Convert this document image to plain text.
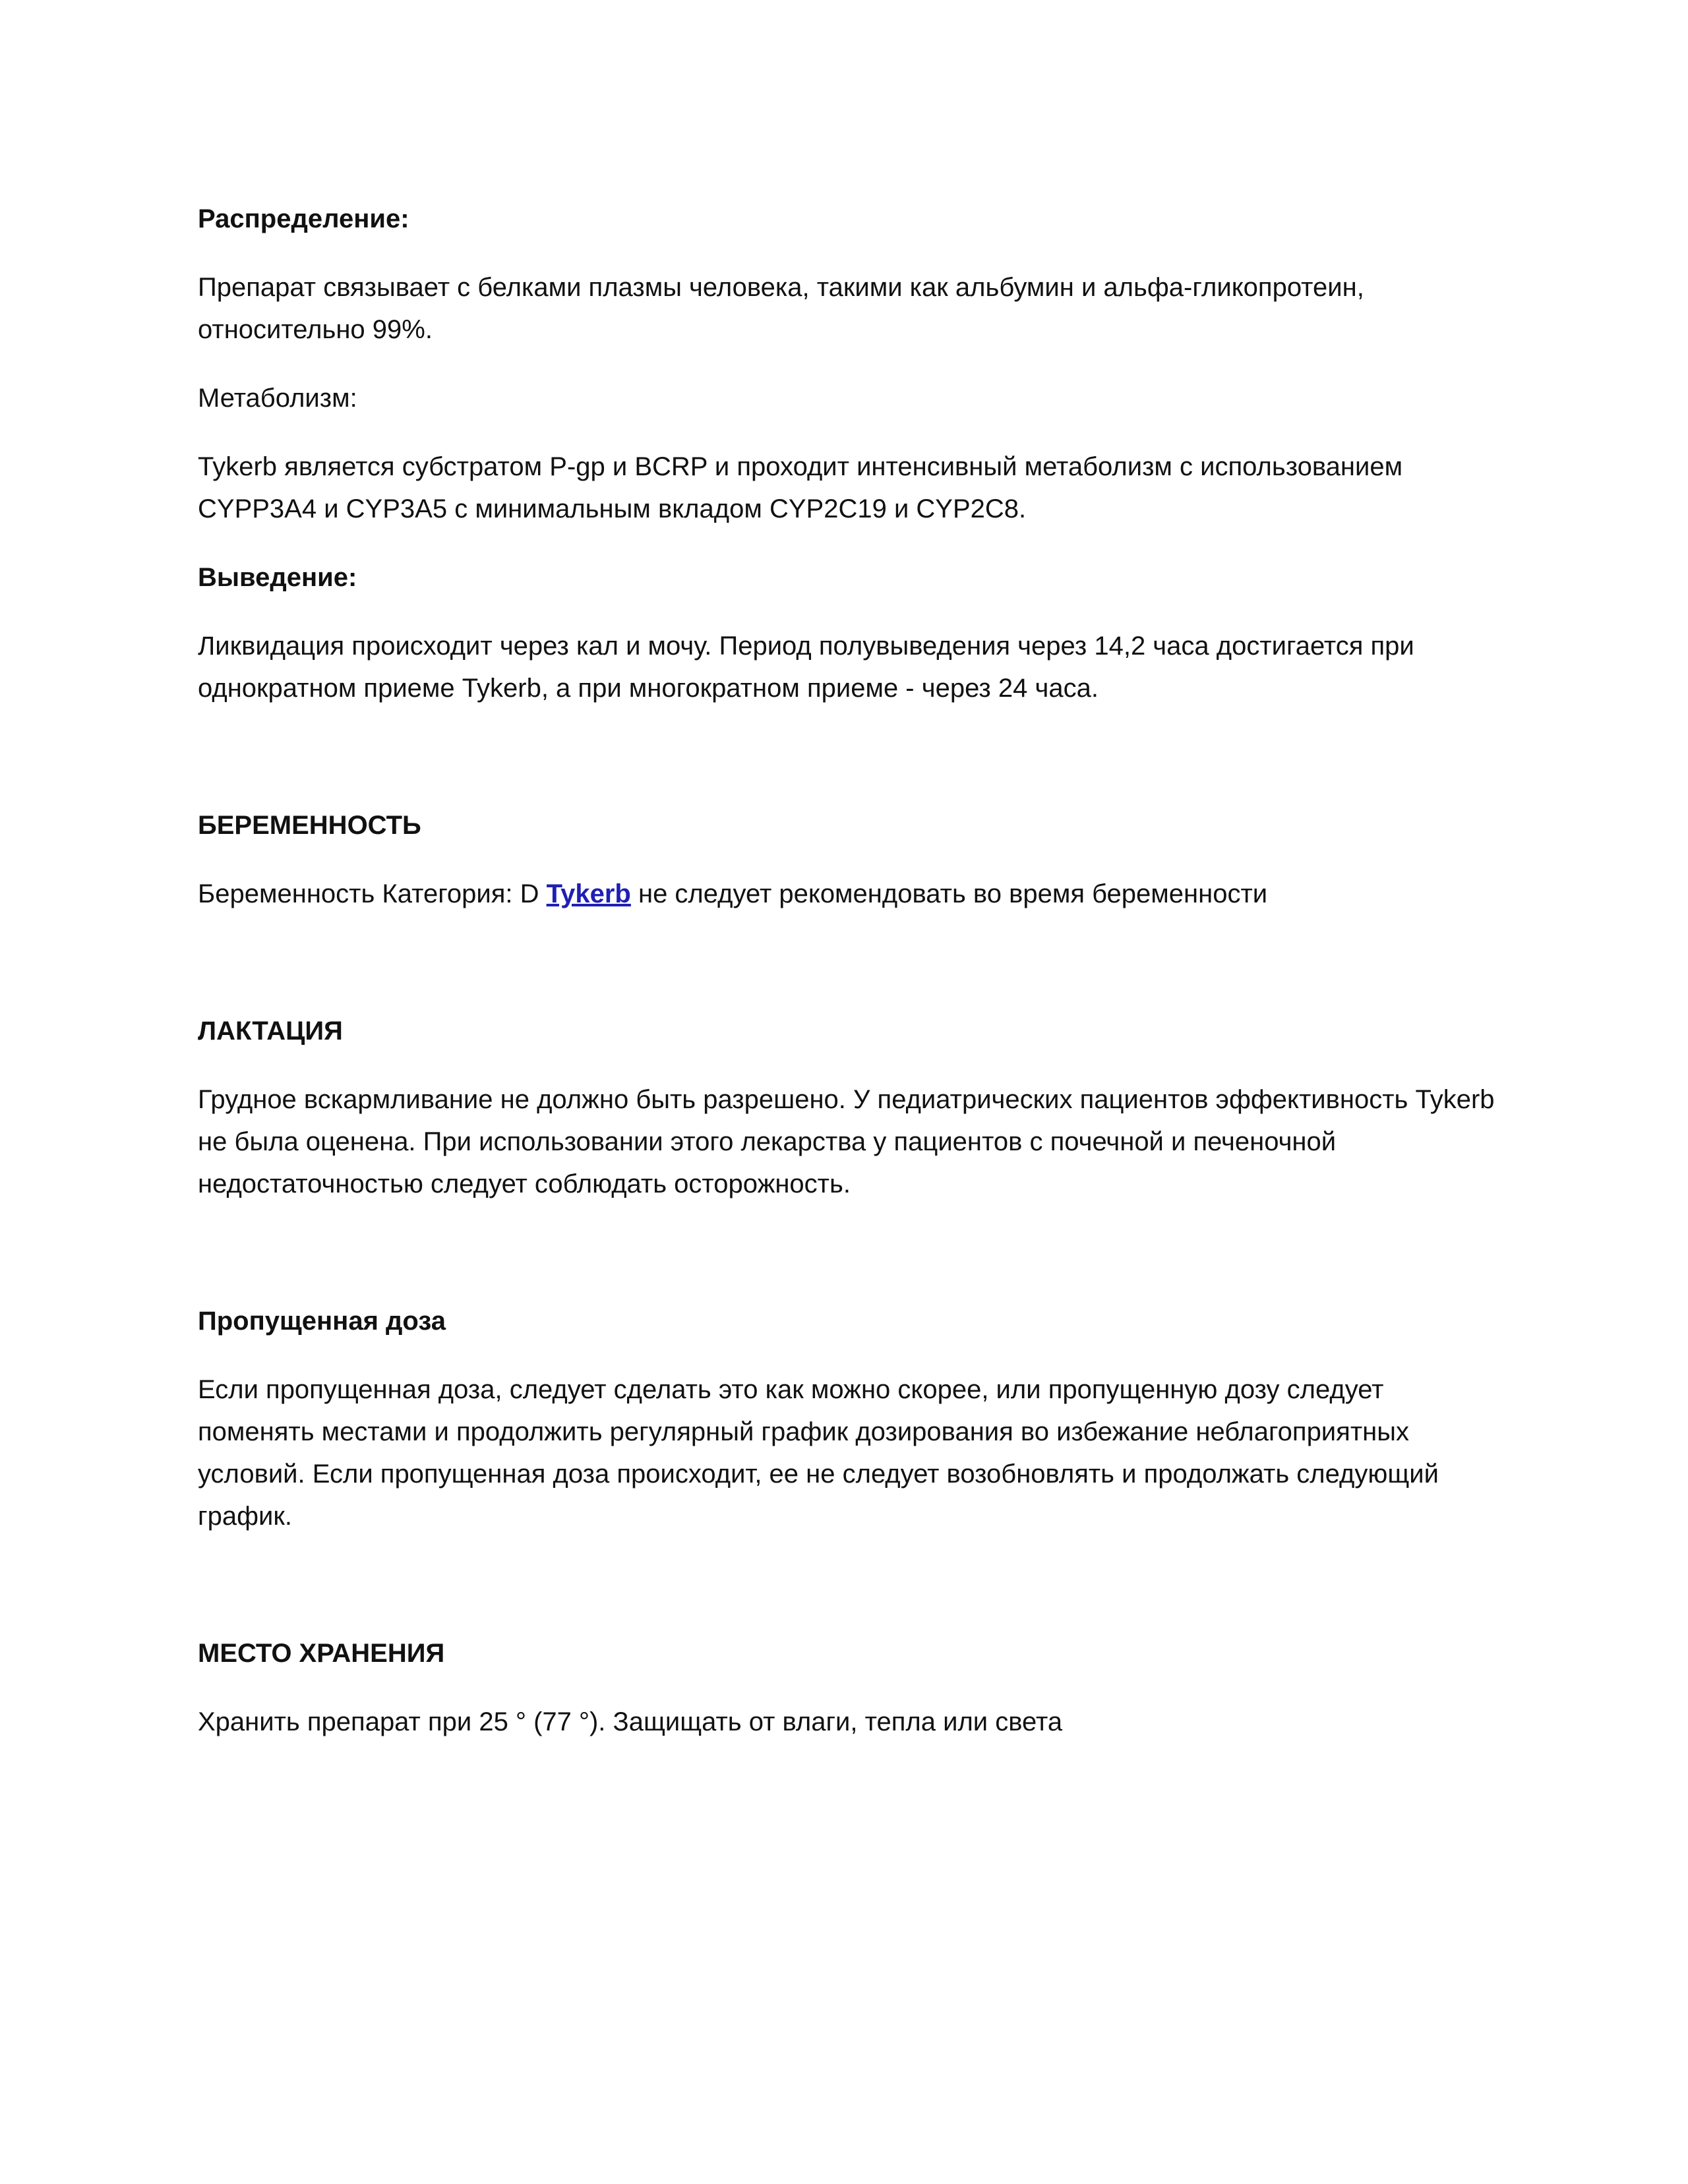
Распределение:

Препарат связывает с белками плазмы человека, такими как альбумин и альфа-гликопротеин, относительно 99%.

Метаболизм:

Tykerb является субстратом P-gp и BCRP и проходит интенсивный метаболизм с использованием CYPP3A4 и CYP3A5 с минимальным вкладом CYP2C19 и CYP2C8.

Выведение:

Ликвидация происходит через кал и мочу. Период полувыведения через 14,2 часа достигается при однократном приеме Tykerb, а при многократном приеме - через 24 часа.

БЕРЕМЕННОСТЬ

Беременность Категория: D Tykerb не следует рекомендовать во время беременности

ЛАКТАЦИЯ

Грудное вскармливание не должно быть разрешено. У педиатрических пациентов эффективность Tykerb не была оценена. При использовании этого лекарства у пациентов с почечной и печеночной недостаточностью следует соблюдать осторожность.

Пропущенная доза

Если пропущенная доза, следует сделать это как можно скорее, или пропущенную дозу следует поменять местами и продолжить регулярный график дозирования во избежание неблагоприятных условий. Если пропущенная доза происходит, ее не следует возобновлять и продолжать следующий график.

МЕСТО ХРАНЕНИЯ

Хранить препарат при 25 ° (77 °). Защищать от влаги, тепла или света
